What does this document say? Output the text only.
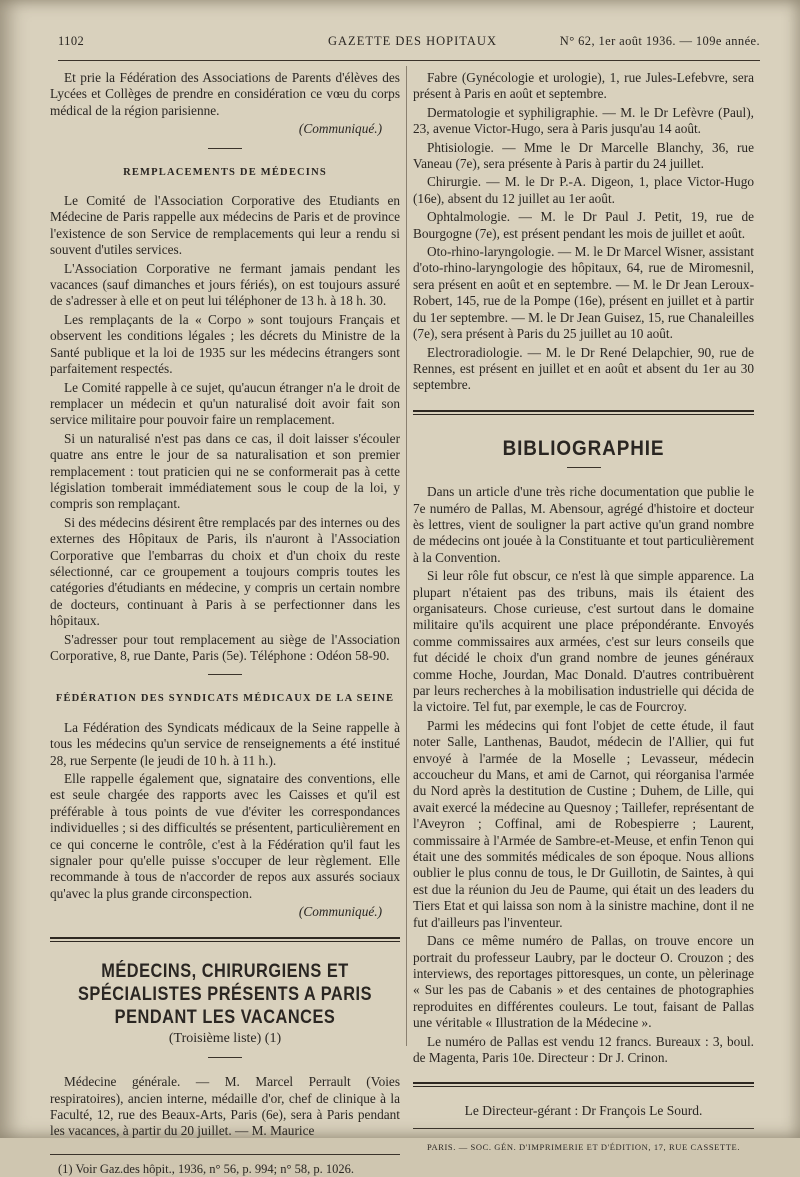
1102	GAZETTE DES HOPITAUX	N° 62, 1er août 1936. — 109e année.

Et prie la Fédération des Associations de Parents d'élèves des Lycées et Collèges de prendre en considération ce vœu du corps médical de la région parisienne.

(Communiqué.)

REMPLACEMENTS DE MÉDECINS

Le Comité de l'Association Corporative des Etudiants en Médecine de Paris rappelle aux médecins de Paris et de province l'existence de son Service de remplacements qui leur a rendu si souvent d'utiles services.

L'Association Corporative ne fermant jamais pendant les vacances (sauf dimanches et jours fériés), on est toujours assuré de s'adresser à elle et on peut lui téléphoner de 13 h. à 18 h. 30.

Les remplaçants de la « Corpo » sont toujours Français et observent les conditions légales ; les décrets du Ministre de la Santé publique et la loi de 1935 sur les médecins étrangers sont parfaitement respectés.

Le Comité rappelle à ce sujet, qu'aucun étranger n'a le droit de remplacer un médecin et qu'un naturalisé doit avoir fait son service militaire pour pouvoir faire un remplacement.

Si un naturalisé n'est pas dans ce cas, il doit laisser s'écouler quatre ans entre le jour de sa naturalisation et son premier remplacement : tout praticien qui ne se conformerait pas à cette législation tomberait immédiatement sous le coup de la loi, y compris son remplaçant.

Si des médecins désirent être remplacés par des internes ou des externes des Hôpitaux de Paris, ils n'auront à l'Association Corporative que l'embarras du choix et d'un choix du reste sélectionné, car ce groupement a toujours compris toutes les catégories d'étudiants en médecine, y compris un certain nombre de docteurs, continuant à Paris à se perfectionner dans les hôpitaux.

S'adresser pour tout remplacement au siège de l'Association Corporative, 8, rue Dante, Paris (5e). Téléphone : Odéon 58-90.

FÉDÉRATION DES SYNDICATS MÉDICAUX DE LA SEINE

La Fédération des Syndicats médicaux de la Seine rappelle à tous les médecins qu'un service de renseignements a été institué 28, rue Serpente (le jeudi de 10 h. à 11 h.).

Elle rappelle également que, signataire des conventions, elle est seule chargée des rapports avec les Caisses et qu'il est préférable à tous points de vue d'éviter les correspondances individuelles ; si des difficultés se présentent, particulièrement en ce qui concerne le contrôle, c'est à la Fédération qu'il faut les signaler pour qu'elle puisse s'occuper de leur règlement. Elle recommande à tous de n'accorder de repos aux assurés sociaux qu'avec la plus grande circonspection.

(Communiqué.)

MÉDECINS, CHIRURGIENS ET SPÉCIALISTES PRÉSENTS A PARIS PENDANT LES VACANCES
(Troisième liste) (1)

Médecine générale. — M. Marcel Perrault (Voies respiratoires), ancien interne, médaille d'or, chef de clinique à la Faculté, 12, rue des Beaux-Arts, Paris (6e), sera à Paris pendant les vacances, à partir du 20 juillet. — M. Maurice

(1) Voir Gaz.des hôpit., 1936, n° 56, p. 994; n° 58, p. 1026.

Fabre (Gynécologie et urologie), 1, rue Jules-Lefebvre, sera présent à Paris en août et septembre.

Dermatologie et syphiligraphie. — M. le Dr Lefèvre (Paul), 23, avenue Victor-Hugo, sera à Paris jusqu'au 14 août.

Phtisiologie. — Mme le Dr Marcelle Blanchy, 36, rue Vaneau (7e), sera présente à Paris à partir du 24 juillet.

Chirurgie. — M. le Dr P.-A. Digeon, 1, place Victor-Hugo (16e), absent du 12 juillet au 1er août.

Ophtalmologie. — M. le Dr Paul J. Petit, 19, rue de Bourgogne (7e), est présent pendant les mois de juillet et août.

Oto-rhino-laryngologie. — M. le Dr Marcel Wisner, assistant d'oto-rhino-laryngologie des hôpitaux, 64, rue de Miromesnil, sera présent en août et en septembre. — M. le Dr Jean Leroux-Robert, 145, rue de la Pompe (16e), présent en juillet et à partir du 1er septembre. — M. le Dr Jean Guisez, 15, rue Chanaleilles (7e), sera présent à Paris du 25 juillet au 10 août.

Electroradiologie. — M. le Dr René Delapchier, 90, rue de Rennes, est présent en juillet et en août et absent du 1er au 30 septembre.

BIBLIOGRAPHIE

Dans un article d'une très riche documentation que publie le 7e numéro de Pallas, M. Abensour, agrégé d'histoire et docteur ès lettres, vient de souligner la part active qu'un grand nombre de médecins ont jouée à la Constituante et tout particulièrement à la Convention.

Si leur rôle fut obscur, ce n'est là que simple apparence. La plupart n'étaient pas des tribuns, mais ils étaient des organisateurs. Chose curieuse, c'est surtout dans le domaine militaire qu'ils acquirent une place prépondérante. Envoyés comme commissaires aux armées, c'est sur leurs conseils que fut décidé le choix d'un grand nombre de jeunes généraux comme Hoche, Jourdan, Mac Donald. D'autres contribuèrent par leurs recherches à la mobilisation industrielle qui décida de la victoire. Tel fut, par exemple, le cas de Fourcroy.

Parmi les médecins qui font l'objet de cette étude, il faut noter Salle, Lanthenas, Baudot, médecin de l'Allier, qui fut envoyé à l'armée de la Moselle ; Levasseur, médecin accoucheur du Mans, et ami de Carnot, qui réorganisa l'armée du Nord après la destitution de Custine ; Duhem, de Lille, qui avait exercé la médecine au Quesnoy ; Taillefer, représentant de l'Aveyron ; Coffinal, ami de Robespierre ; Laurent, commissaire à l'Armée de Sambre-et-Meuse, et enfin Tenon qui était une des sommités médicales de son époque. Nous allions oublier le plus connu de tous, le Dr Guillotin, de Saintes, à qui est due la réunion du Jeu de Paume, qui était un des leaders du Tiers Etat et qui laissa son nom à la sinistre machine, dont il ne fut d'ailleurs pas l'inventeur.

Dans ce même numéro de Pallas, on trouve encore un portrait du professeur Laubry, par le docteur O. Crouzon ; des interviews, des reportages pittoresques, un conte, un pèlerinage « Sur les pas de Cabanis » et des centaines de photographies reproduites en différentes couleurs. Le tout, faisant de Pallas une véritable « Illustration de la Médecine ».

Le numéro de Pallas est vendu 12 francs. Bureaux : 3, boul. de Magenta, Paris 10e. Directeur : Dr J. Crinon.

Le Directeur-gérant : Dr François Le Sourd.
PARIS. — SOC. GÉN. D'IMPRIMERIE ET D'ÉDITION, 17, RUE CASSETTE.
